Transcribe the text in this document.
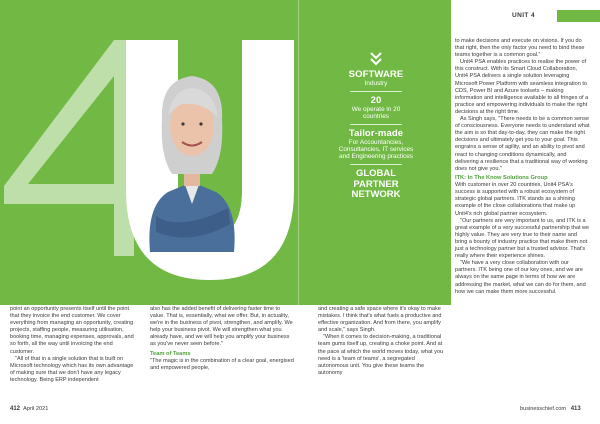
SOFTWARE
Industry
20
We operate in 20 countries
Tailor-made
For Accountancies, Consultancies, IT services and Engineering practices
GLOBAL PARTNER NETWORK
UNIT 4

point an opportunity presents itself until the point that they invoice the end customer. We cover everything from managing an opportunity, creating projects, staffing people, measuring utilisation, booking time, managing expenses, approvals, and so forth, all the way until invoicing the end customer.

"All of that in a single solution that is built on Microsoft technology which has its own advantage of making sure that we don't have any legacy technology. Being ERP independent

also has the added benefit of delivering faster time to value. That is, essentially, what we offer. But, in actuality, we're in the business of pivot, strengthen, and amplify. We help your business pivot. We will strengthen what you already have, and we will help you amplify your business as you've never seen before."

Team of Teams

"The magic is in the combination of a clear goal, energised and empowered people,

and creating a safe space where it's okay to make mistakes. I think that's what fuels a productive and effective organization. And from there, you amplify and scale," says Singh.

"When it comes to decision-making, a traditional team gums itself up, creating a choke point. And at the pace at which the world moves today, what you need is a 'team of teams', a segregated autonomous unit. You give these teams the autonomy

to make decisions and execute on visions. If you do that right, then the only factor you need to bind these teams together is a common goal."

Unit4 PSA enables practices to realise the power of this construct. With its Smart Cloud Collaboration, Unit4 PSA delivers a single solution leveraging Microsoft Power Platform with seamless integration to CDS, Power BI and Azure toolsets – making information and intelligence available to all fringes of a practice and empowering individuals to make the right decisions at the right time.

As Singh says, "There needs to be a common sense of consciousness. Everyone needs to understand what the aim is so that day-to-day, they can make the right decisions and ultimately get you to your goal. This engrains a sense of agility, and an ability to pivot and react to changing conditions dynamically, and delivering a resilience that a traditional way of working does not give you."

ITK: In The Know Solutions Group

With customer in over 20 countries, Unit4 PSA's success is supported with a robust ecosystem of strategic global partners. ITK stands as a shining example of the close collaborations that make up Unit4's rich global partner ecosystem.

"Our partners are very important to us, and ITK is a great example of a very successful partnership that we highly value. They are very true to their name and bring a bounty of industry practice that make them not just a technology partner but a trusted advisor. That's really where their experience shines.

"We have a very close collaboration with our partners. ITK being one of our key ones, and we are always on the same page in terms of how we are addressing the market, what we can do for them, and how we can make them more successful.

412 April 2021	businesschief.com 413
